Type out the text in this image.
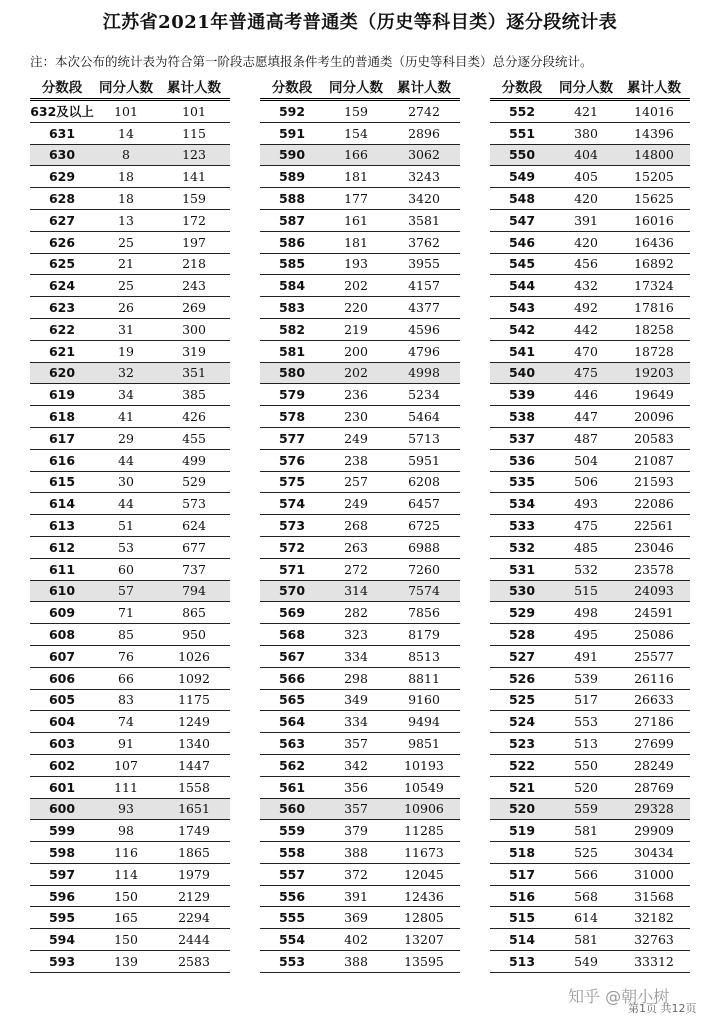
江苏省2021年普通高考普通类（历史等科目类）逐分段统计表
注：本次公布的统计表为符合第一阶段志愿填报条件考生的普通类（历史等科目类）总分逐分段统计。
分数段	同分人数	累计人数
632及以上	101	101
631	14	115
630	8	123
629	18	141
628	18	159
627	13	172
626	25	197
625	21	218
624	25	243
623	26	269
622	31	300
621	19	319
620	32	351
619	34	385
618	41	426
617	29	455
616	44	499
615	30	529
614	44	573
613	51	624
612	53	677
611	60	737
610	57	794
609	71	865
608	85	950
607	76	1026
606	66	1092
605	83	1175
604	74	1249
603	91	1340
602	107	1447
601	111	1558
600	93	1651
599	98	1749
598	116	1865
597	114	1979
596	150	2129
595	165	2294
594	150	2444
593	139	2583
分数段	同分人数	累计人数
592	159	2742
591	154	2896
590	166	3062
589	181	3243
588	177	3420
587	161	3581
586	181	3762
585	193	3955
584	202	4157
583	220	4377
582	219	4596
581	200	4796
580	202	4998
579	236	5234
578	230	5464
577	249	5713
576	238	5951
575	257	6208
574	249	6457
573	268	6725
572	263	6988
571	272	7260
570	314	7574
569	282	7856
568	323	8179
567	334	8513
566	298	8811
565	349	9160
564	334	9494
563	357	9851
562	342	10193
561	356	10549
560	357	10906
559	379	11285
558	388	11673
557	372	12045
556	391	12436
555	369	12805
554	402	13207
553	388	13595
分数段	同分人数	累计人数
552	421	14016
551	380	14396
550	404	14800
549	405	15205
548	420	15625
547	391	16016
546	420	16436
545	456	16892
544	432	17324
543	492	17816
542	442	18258
541	470	18728
540	475	19203
539	446	19649
538	447	20096
537	487	20583
536	504	21087
535	506	21593
534	493	22086
533	475	22561
532	485	23046
531	532	23578
530	515	24093
529	498	24591
528	495	25086
527	491	25577
526	539	26116
525	517	26633
524	553	27186
523	513	27699
522	550	28249
521	520	28769
520	559	29328
519	581	29909
518	525	30434
517	566	31000
516	568	31568
515	614	32182
514	581	32763
513	549	33312
知乎 @朝小树
第1页 共12页
